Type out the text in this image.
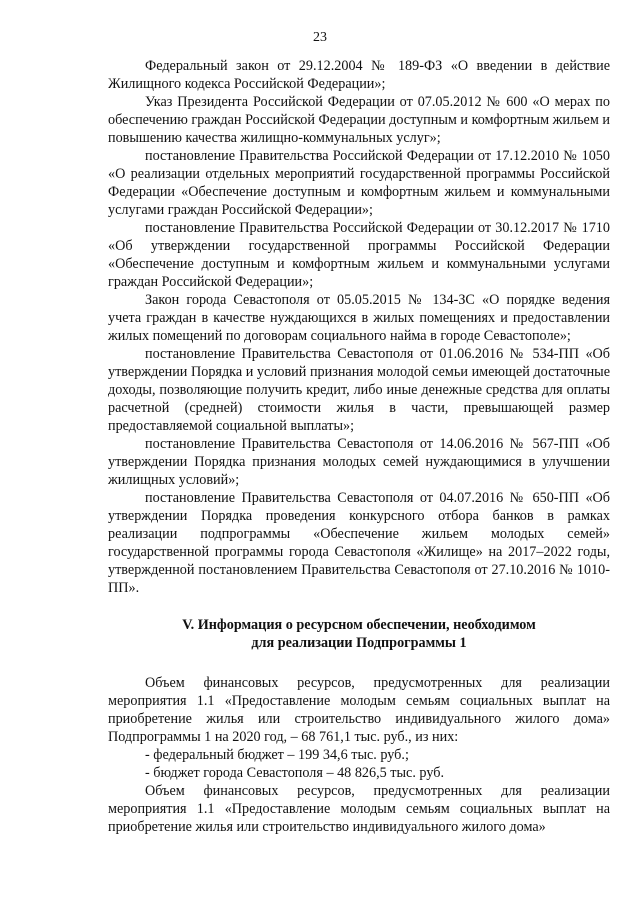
23

Федеральный закон от 29.12.2004 № 189-ФЗ «О введении в действие Жилищного кодекса Российской Федерации»;

Указ Президента Российской Федерации от 07.05.2012 № 600 «О мерах по обеспечению граждан Российской Федерации доступным и комфортным жильем и повышению качества жилищно-коммунальных услуг»;

постановление Правительства Российской Федерации от 17.12.2010 № 1050 «О реализации отдельных мероприятий государственной программы Российской Федерации «Обеспечение доступным и комфортным жильем и коммунальными услугами граждан Российской Федерации»;

постановление Правительства Российской Федерации от 30.12.2017 № 1710 «Об утверждении государственной программы Российской Федерации «Обеспечение доступным и комфортным жильем и коммунальными услугами граждан Российской Федерации»;

Закон города Севастополя от 05.05.2015 № 134-ЗС «О порядке ведения учета граждан в качестве нуждающихся в жилых помещениях и предоставлении жилых помещений по договорам социального найма в городе Севастополе»;

постановление Правительства Севастополя от 01.06.2016 № 534-ПП «Об утверждении Порядка и условий признания молодой семьи имеющей достаточные доходы, позволяющие получить кредит, либо иные денежные средства для оплаты расчетной (средней) стоимости жилья в части, превышающей размер предоставляемой социальной выплаты»;

постановление Правительства Севастополя от 14.06.2016 № 567-ПП «Об утверждении Порядка признания молодых семей нуждающимися в улучшении жилищных условий»;

постановление Правительства Севастополя от 04.07.2016 № 650-ПП «Об утверждении Порядка проведения конкурсного отбора банков в рамках реализации подпрограммы «Обеспечение жильем молодых семей» государственной программы города Севастополя «Жилище» на 2017–2022 годы, утвержденной постановлением Правительства Севастополя от 27.10.2016 № 1010-ПП».

V. Информация о ресурсном обеспечении, необходимом
для реализации Подпрограммы 1

Объем финансовых ресурсов, предусмотренных для реализации мероприятия 1.1 «Предоставление молодым семьям социальных выплат на приобретение жилья или строительство индивидуального жилого дома» Подпрограммы 1 на 2020 год, – 68 761,1 тыс. руб., из них:

- федеральный бюджет – 199 34,6 тыс. руб.;

- бюджет города Севастополя – 48 826,5 тыс. руб.

Объем финансовых ресурсов, предусмотренных для реализации мероприятия 1.1 «Предоставление молодым семьям социальных выплат на приобретение жилья или строительство индивидуального жилого дома»
